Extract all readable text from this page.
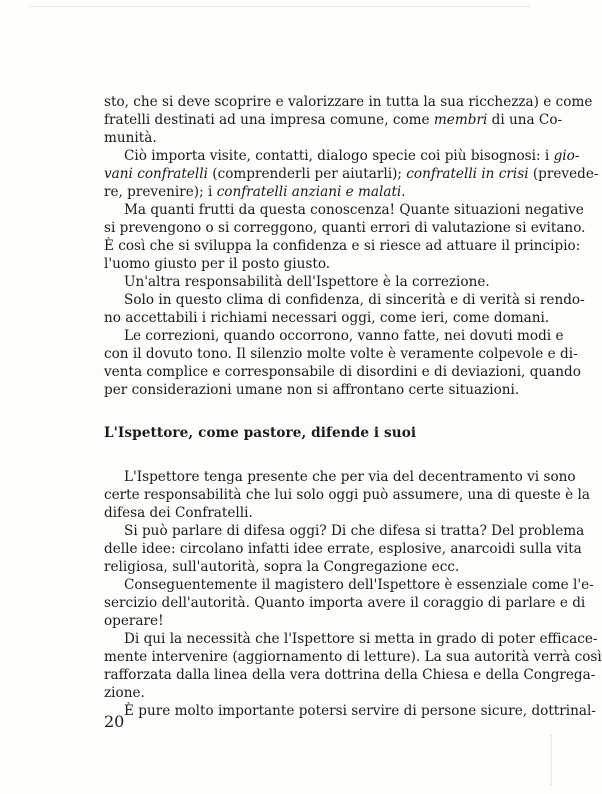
sto, che si deve scoprire e valorizzare in tutta la sua ricchezza) e come
fratelli destinati ad una impresa comune, come membri di una Co-
munità.
Ciò importa visite, contatti, dialogo specie coi più bisognosi: i gio-
vani confratelli (comprenderli per aiutarli); confratelli in crisi (prevede-
re, prevenire); i confratelli anziani e malati.
Ma quanti frutti da questa conoscenza! Quante situazioni negative
si prevengono o si correggono, quanti errori di valutazione si evitano.
È così che si sviluppa la confidenza e si riesce ad attuare il principio:
l'uomo giusto per il posto giusto.
Un'altra responsabilità dell'Ispettore è la correzione.
Solo in questo clima di confidenza, di sincerità e di verità si rendo-
no accettabili i richiami necessari oggi, come ieri, come domani.
Le correzioni, quando occorrono, vanno fatte, nei dovuti modi e
con il dovuto tono. Il silenzio molte volte è veramente colpevole e di-
venta complice e corresponsabile di disordini e di deviazioni, quando
per considerazioni umane non si affrontano certe situazioni.
L'Ispettore, come pastore, difende i suoi
L'Ispettore tenga presente che per via del decentramento vi sono
certe responsabilità che lui solo oggi può assumere, una di queste è la
difesa dei Confratelli.
Si può parlare di difesa oggi? Di che difesa si tratta? Del problema
delle idee: circolano infatti idee errate, esplosive, anarcoidi sulla vita
religiosa, sull'autorità, sopra la Congregazione ecc.
Conseguentemente il magistero dell'Ispettore è essenziale come l'e-
sercizio dell'autorità. Quanto importa avere il coraggio di parlare e di
operare!
Di qui la necessità che l'Ispettore si metta in grado di poter efficace-
mente intervenire (aggiornamento di letture). La sua autorità verrà così
rafforzata dalla linea della vera dottrina della Chiesa e della Congrega-
zione.
È pure molto importante potersi servire di persone sicure, dottrinal-
20
